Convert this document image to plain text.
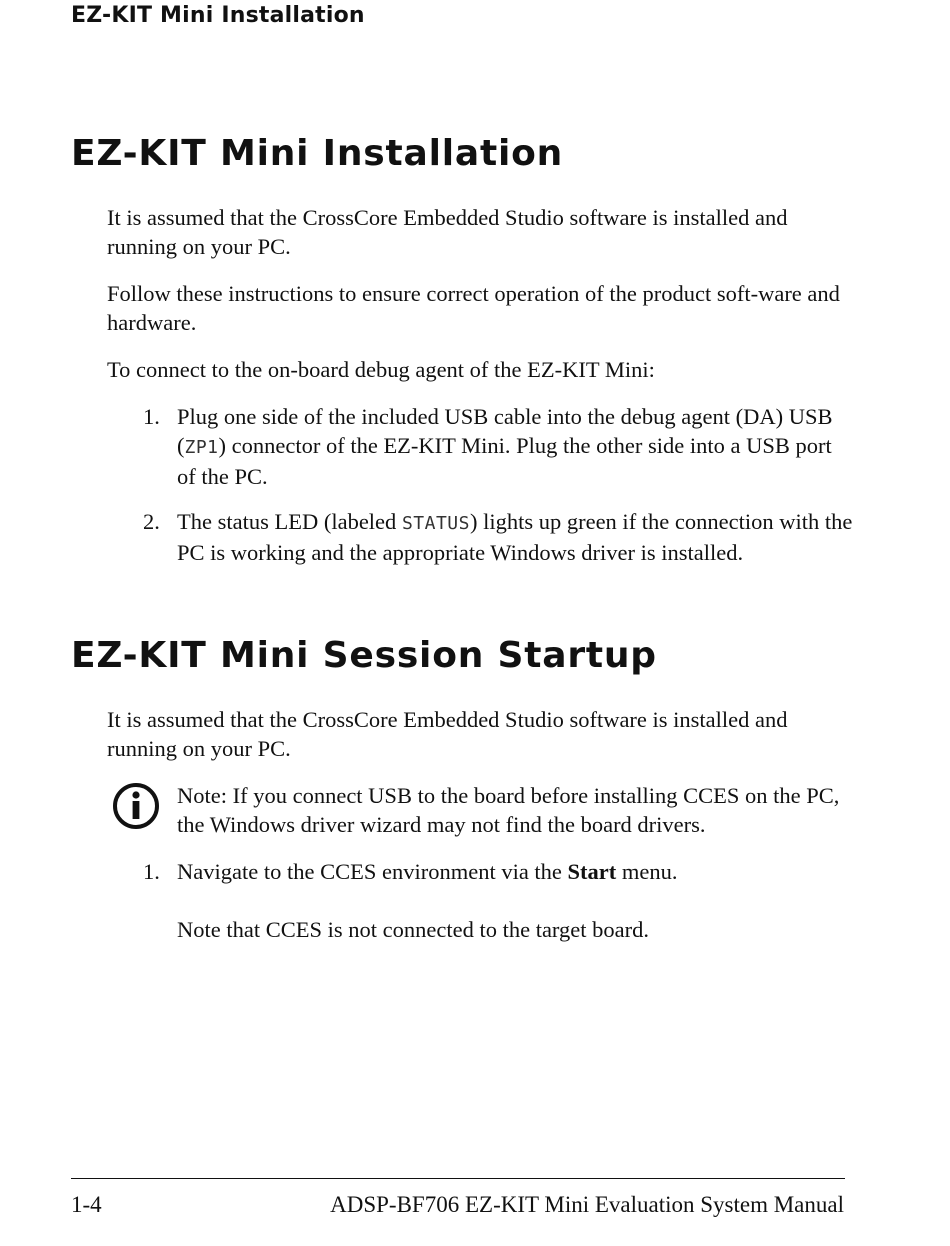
EZ-KIT Mini Installation
EZ-KIT Mini Installation

It is assumed that the CrossCore Embedded Studio software is installed and running on your PC.

Follow these instructions to ensure correct operation of the product soft-ware and hardware.

To connect to the on-board debug agent of the EZ-KIT Mini:

1. Plug one side of the included USB cable into the debug agent (DA) USB (ZP1) connector of the EZ-KIT Mini. Plug the other side into a USB port of the PC.
2. The status LED (labeled STATUS) lights up green if the connection with the PC is working and the appropriate Windows driver is installed.
EZ-KIT Mini Session Startup

It is assumed that the CrossCore Embedded Studio software is installed and running on your PC.

Note: If you connect USB to the board before installing CCES on the PC, the Windows driver wizard may not find the board drivers.
1. Navigate to the CCES environment via the Start menu.
Note that CCES is not connected to the target board.
1-4	ADSP-BF706 EZ-KIT Mini Evaluation System Manual
